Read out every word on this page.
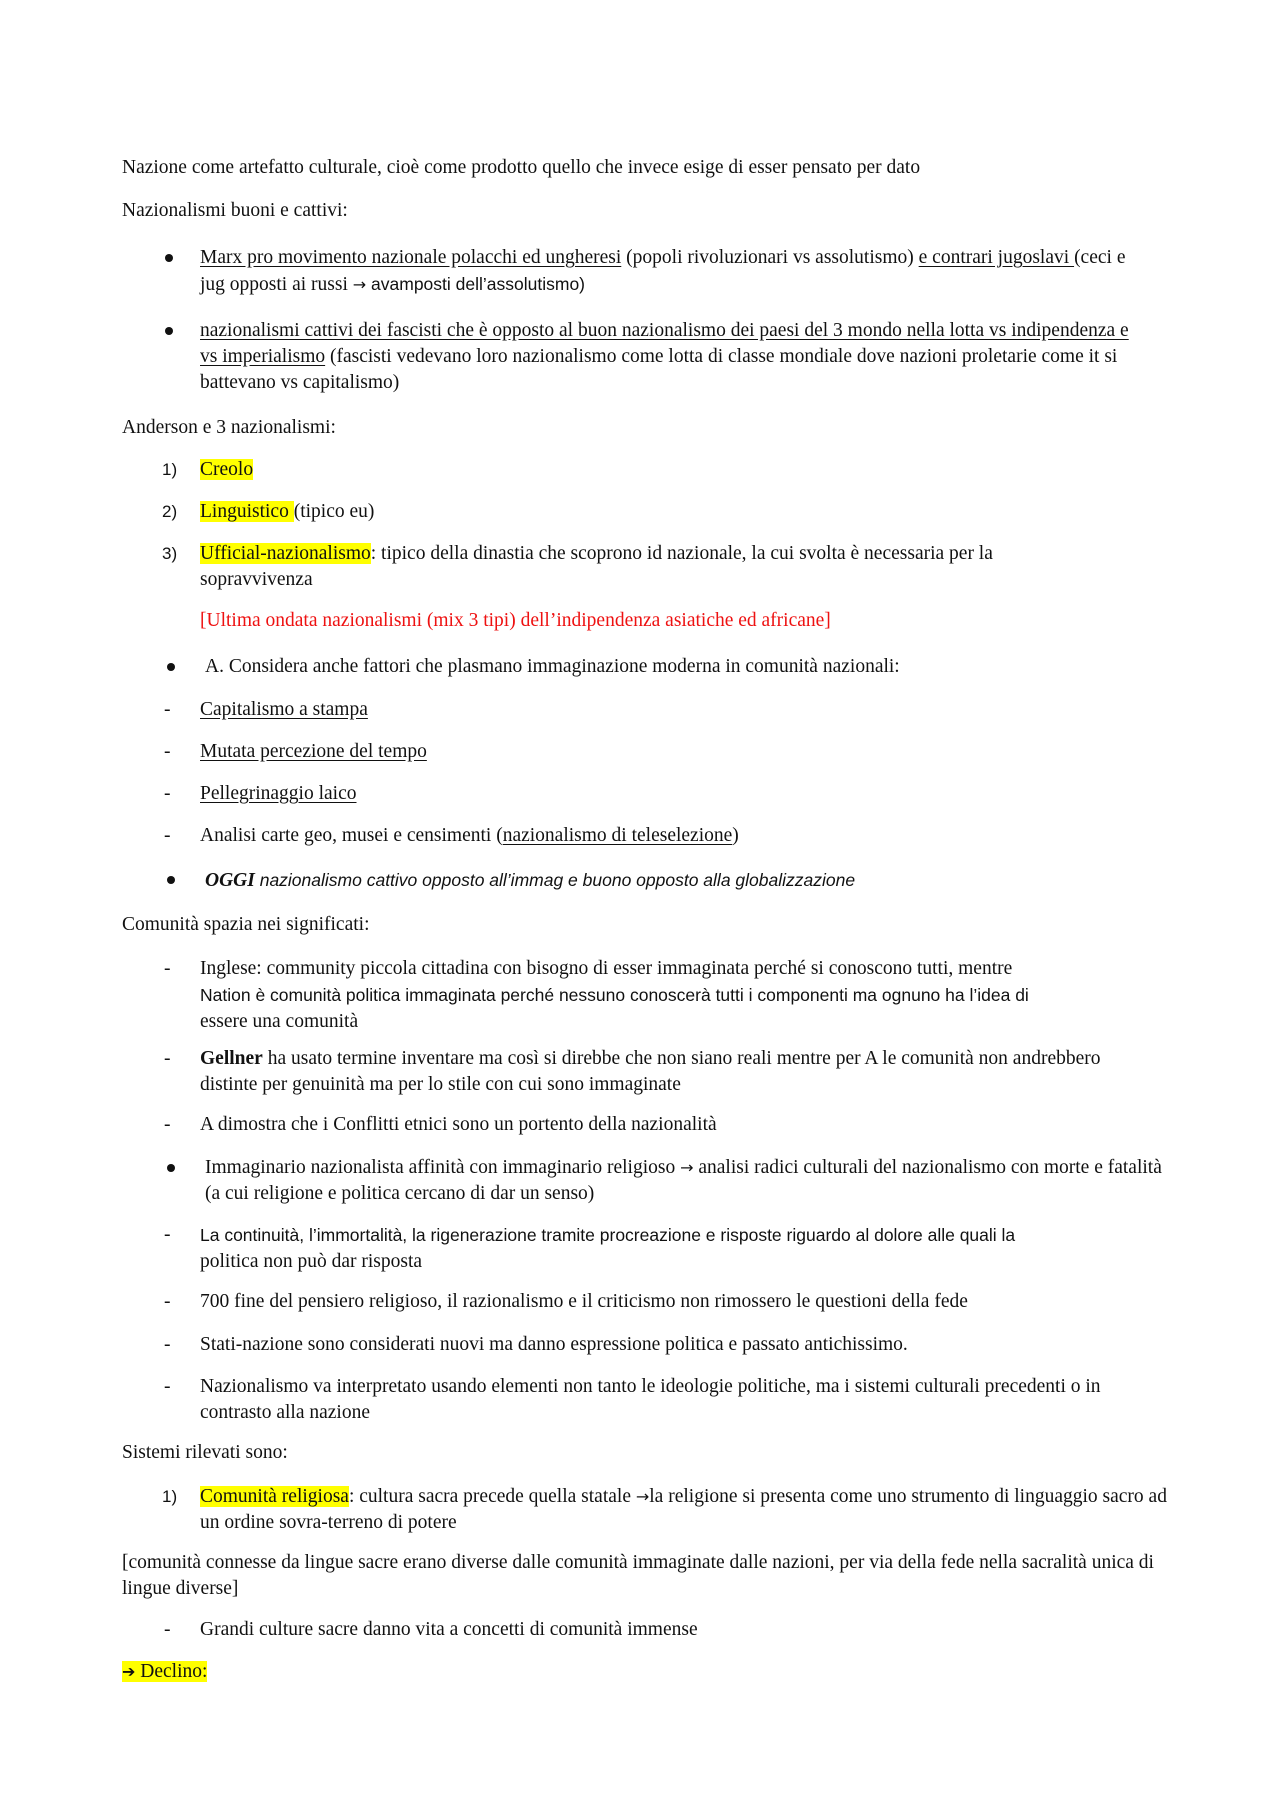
Nazione come artefatto culturale, cioè come prodotto quello che invece esige di esser pensato per dato

Nazionalismi buoni e cattivi:

Marx pro movimento nazionale polacchi ed ungheresi (popoli rivoluzionari vs assolutismo) e contrari jugoslavi (ceci e jug opposti ai russi → avamposti dell’assolutismo)

nazionalismi cattivi dei fascisti che è opposto al buon nazionalismo dei paesi del 3 mondo nella lotta vs indipendenza e vs imperialismo (fascisti vedevano loro nazionalismo come lotta di classe mondiale dove nazioni proletarie come it si battevano vs capitalismo)

Anderson e 3 nazionalismi:

1)	Creolo

2)	Linguistico (tipico eu)

3)	Ufficial-nazionalismo: tipico della dinastia che scoprono id nazionale, la cui svolta è necessaria per la sopravvivenza

[Ultima ondata nazionalismi (mix 3 tipi) dell’indipendenza asiatiche ed africane]

A. Considera anche fattori che plasmano immaginazione moderna in comunità nazionali:

-	Capitalismo a stampa

-	Mutata percezione del tempo

-	Pellegrinaggio laico

-	Analisi carte geo, musei e censimenti (nazionalismo di teleselezione)

OGGI nazionalismo cattivo opposto all’immag e buono opposto alla globalizzazione

Comunità spazia nei significati:

-	Inglese: community piccola cittadina con bisogno di esser immaginata perché si conoscono tutti, mentre
Nation è comunità politica immaginata perché nessuno conoscerà tutti i componenti ma ognuno ha l’idea di
essere una comunità

-	Gellner ha usato termine inventare ma così si direbbe che non siano reali mentre per A le comunità non andrebbero distinte per genuinità ma per lo stile con cui sono immaginate

-	A dimostra che i Conflitti etnici sono un portento della nazionalità

Immaginario nazionalista affinità con immaginario religioso → analisi radici culturali del nazionalismo con morte e fatalità (a cui religione e politica cercano di dar un senso)

-	La continuità, l’immortalità, la rigenerazione tramite procreazione e risposte riguardo al dolore alle quali la
politica non può dar risposta

-	700 fine del pensiero religioso, il razionalismo e il criticismo non rimossero le questioni della fede

-	Stati-nazione sono considerati nuovi ma danno espressione politica e passato antichissimo.

-	Nazionalismo va interpretato usando elementi non tanto le ideologie politiche, ma i sistemi culturali precedenti o in contrasto alla nazione

Sistemi rilevati sono:

1)	Comunità religiosa: cultura sacra precede quella statale →la religione si presenta come uno strumento di linguaggio sacro ad un ordine sovra-terreno di potere

[comunità connesse da lingue sacre erano diverse dalle comunità immaginate dalle nazioni, per via della fede nella sacralità unica di lingue diverse]

-	Grandi culture sacre danno vita a concetti di comunità immense

➔ Declino:
